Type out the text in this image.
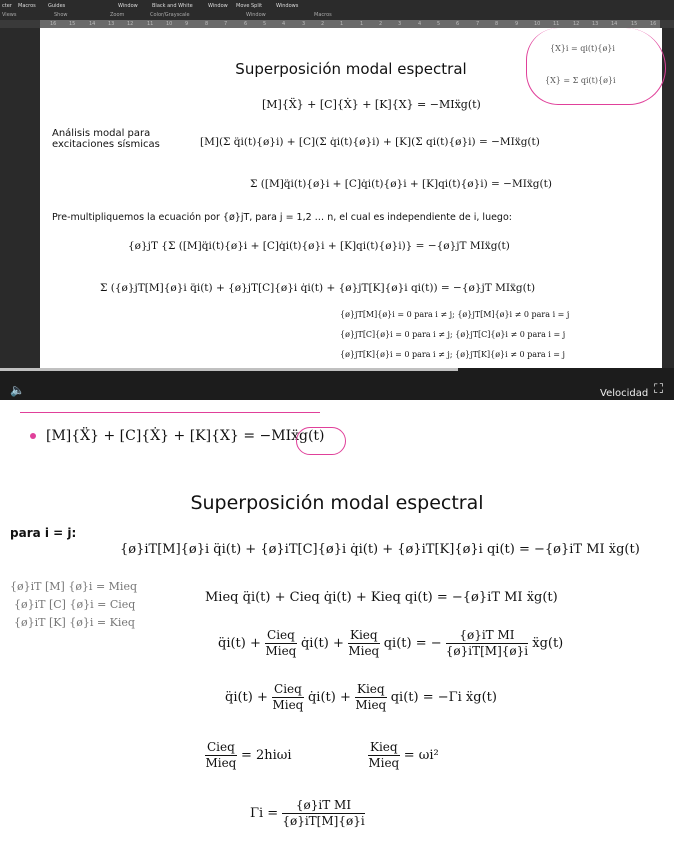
cter Macros Guides	Window	Black and White	Window Move Split	Windows
Views	Show	Zoom	Color/Grayscale	Window	Macros
16	15	14	13	12	11	10	9	8	7	6	5	4	3	2	1	1	2	3	4	5	6	7	8	9	10	11	12	13	14	15	16
Superposición modal espectral
[M]{Ẍ} + [C]{Ẋ} + [K]{X} = −MIẍg(t)
Análisis modal para excitaciones sísmicas	[M](Σ q̈i(t){ø}i) + [C](Σ q̇i(t){ø}i) + [K](Σ qi(t){ø}i) = −MIẍg(t)
Σ ([M]q̈i(t){ø}i + [C]q̇i(t){ø}i + [K]qi(t){ø}i) = −MIẍg(t)
Pre-multipliquemos la ecuación por {ø}jT, para j = 1,2 … n, el cual es independiente de i, luego:
{ø}jT {Σ ([M]q̈i(t){ø}i + [C]q̇i(t){ø}i + [K]qi(t){ø}i)} = −{ø}jT MIẍg(t)
Σ ({ø}jT[M]{ø}i q̈i(t) + {ø}jT[C]{ø}i q̇i(t) + {ø}jT[K]{ø}i qi(t)) = −{ø}jT MIẍg(t)
{ø}jT[M]{ø}i = 0 para i ≠ j; {ø}jT[M]{ø}i ≠ 0 para i = j
{ø}jT[C]{ø}i = 0 para i ≠ j; {ø}jT[C]{ø}i ≠ 0 para i = j
{ø}jT[K]{ø}i = 0 para i ≠ j; {ø}jT[K]{ø}i ≠ 0 para i = j
{X}i = qi(t){ø}i
{X} = Σ qi(t){ø}i
🔈	Velocidad ⛶
[M]{Ẍ} + [C]{Ẋ} + [K]{X} = −MIẍg(t)
Superposición modal espectral
para i = j:
{ø}iT[M]{ø}i q̈i(t) + {ø}iT[C]{ø}i q̇i(t) + {ø}iT[K]{ø}i qi(t) = −{ø}iT MI ẍg(t)
{ø}iT [M] {ø}i = Mieq
{ø}iT [C] {ø}i = Cieq
{ø}iT [K] {ø}i = Kieq
Mieq q̈i(t) + Cieq q̇i(t) + Kieq qi(t) = −{ø}iT MI ẍg(t)
q̈i(t) + $\frac{\text{Cieq}}{\text{Mieq}}$ q̇i(t) + $\frac{\text{Kieq}}{\text{Mieq}} qi(t)$ = − $\frac{\text{\{ø\}iT MI}}{\{ø\}iT[M]\{ø\}i}$ ẍg(t)
q̈i(t) + $\frac{\text{Cieq}}{\text{Mieq}}$ q̇i(t) + $\frac{\text{Kieq}}{\text{Mieq}} qi(t) = -\Gamma i$ ẍg(t)
$\frac{\text{Cieq}}{\text{Mieq}} = 2hi\omega i$	$\frac{\text{Kieq}}{\text{Mieq}} = \omega i^2$
$\Gamma i = \frac{\text{\{ø\}iT MI}}{\{ø\}iT[M]\{ø\}i}$
